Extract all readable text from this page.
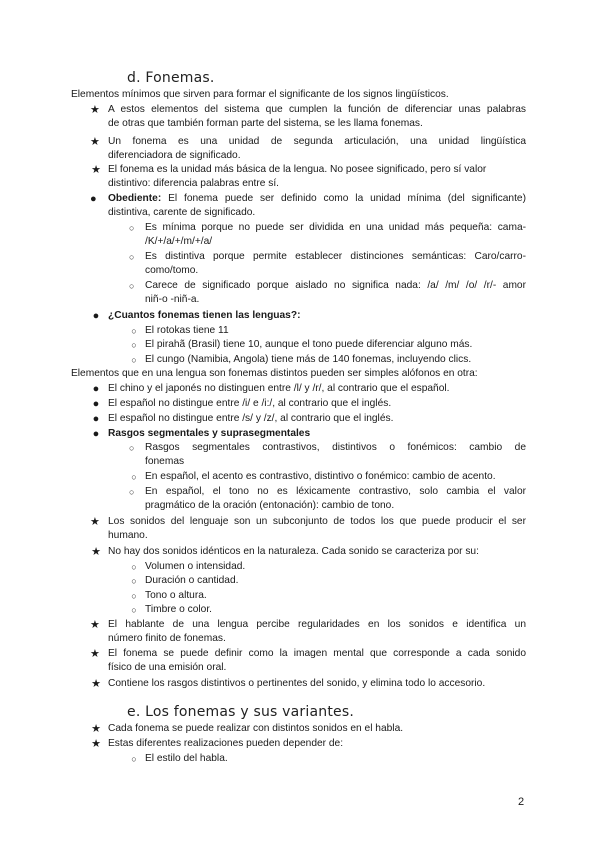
d. Fonemas.
Elementos mínimos que sirven para formar el significante de los signos lingüísticos.
★ A estos elementos del sistema que cumplen la función de diferenciar unas palabras
de otras que también forman parte del sistema, se les llama fonemas.
★ Un fonema es una unidad de segunda articulación, una unidad lingüística
diferenciadora de significado.
★ El fonema es la unidad más básica de la lengua. No posee significado, pero sí valor
distintivo: diferencia palabras entre sí.
●	Obediente: El fonema puede ser definido como la unidad mínima (del significante)
distintiva, carente de significado.
○	Es mínima porque no puede ser dividida en una unidad más pequeña: cama-
/K/+/a/+/m/+/a/
○	Es distintiva porque permite establecer distinciones semánticas: Caro/carro-
como/tomo.
○	Carece de significado porque aislado no significa nada: /a/ /m/ /o/ /r/- amor
niñ-o -niñ-a.
● ¿Cuantos fonemas tienen las lenguas?:
○ El rotokas tiene 11
○ El pirahã (Brasil) tiene 10, aunque el tono puede diferenciar alguno más.
○ El cungo (Namibia, Angola) tiene más de 140 fonemas, incluyendo clics.
Elementos que en una lengua son fonemas distintos pueden ser simples alófonos en otra:
● El chino y el japonés no distinguen entre /l/ y /r/, al contrario que el español.
● El español no distingue entre /i/ e /i:/, al contrario que el inglés.
● El español no distingue entre /s/ y /z/, al contrario que el inglés.
● Rasgos segmentales y suprasegmentales
○	Rasgos segmentales contrastivos, distintivos o fonémicos: cambio de
fonemas
○ En español, el acento es contrastivo, distintivo o fonémico: cambio de acento.
○	En español, el tono no es léxicamente contrastivo, solo cambia el valor
pragmático de la oración (entonación): cambio de tono.
★ Los sonidos del lenguaje son un subconjunto de todos los que puede producir el ser
humano.
★ No hay dos sonidos idénticos en la naturaleza. Cada sonido se caracteriza por su:
○ Volumen o intensidad.
○ Duración o cantidad.
○ Tono o altura.
○ Timbre o color.
★ El hablante de una lengua percibe regularidades en los sonidos e identifica un
número finito de fonemas.
★ El fonema se puede definir como la imagen mental que corresponde a cada sonido
físico de una emisión oral.
★ Contiene los rasgos distintivos o pertinentes del sonido, y elimina todo lo accesorio.
e. Los fonemas y sus variantes.
★ Cada fonema se puede realizar con distintos sonidos en el habla.
★ Estas diferentes realizaciones pueden depender de:
○ El estilo del habla.
2
